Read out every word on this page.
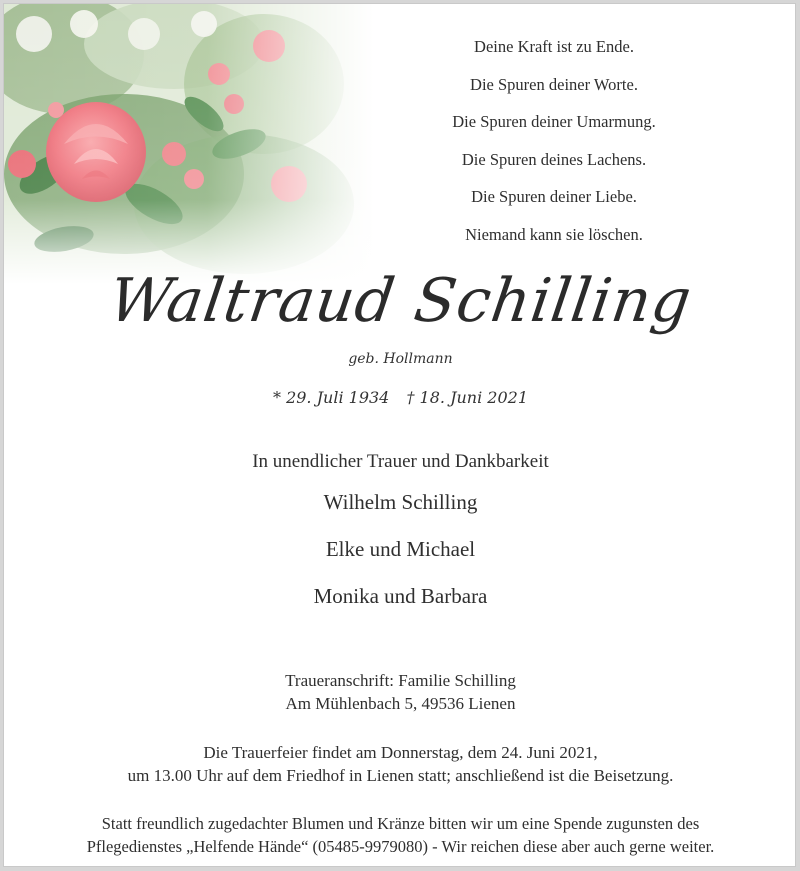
Deine Kraft ist zu Ende.
Die Spuren deiner Worte.
Die Spuren deiner Umarmung.
Die Spuren deines Lachens.
Die Spuren deiner Liebe.
Niemand kann sie löschen.
Waltraud Schilling
geb. Hollmann
* 29. Juli 1934 † 18. Juni 2021
In unendlicher Trauer und Dankbarkeit
Wilhelm Schilling
Elke und Michael
Monika und Barbara
Traueranschrift: Familie Schilling
Am Mühlenbach 5, 49536 Lienen
Die Trauerfeier findet am Donnerstag, dem 24. Juni 2021,
um 13.00 Uhr auf dem Friedhof in Lienen statt; anschließend ist die Beisetzung.
Statt freundlich zugedachter Blumen und Kränze bitten wir um eine Spende zugunsten des
Pflegedienstes „Helfende Hände“ (05485-9979080) - Wir reichen diese aber auch gerne weiter.
